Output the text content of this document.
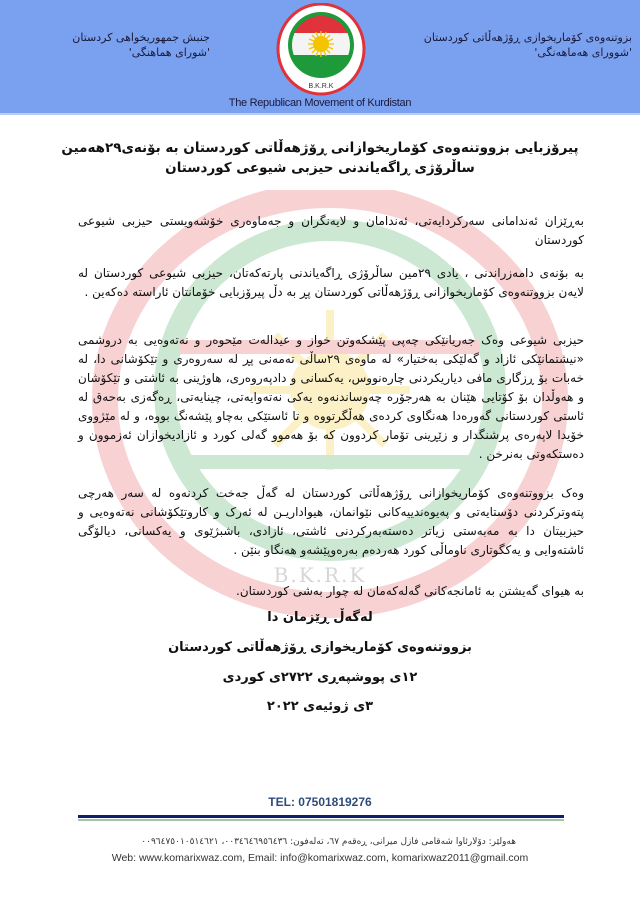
بزوتنەوەی کۆماریخوازی ڕۆژهەڵاتی کوردستان
'شوورای هەماهەنگی'
جنبش جمهوریخواهی کردستان
'شورای هماهنگی'
B.K.R.K
The Republican Movement of Kurdistan
B.K.R.K
پیرۆزبایی بزووتنەوەی کۆماریخوازانی ڕۆژهەڵاتی کوردستان بە بۆنەی٢٩هەمین ساڵرۆژی ڕاگەیاندنی حیزبی شیوعی کوردستان
بەڕێزان ئەندامانی سەرکردایەتی، ئەندامان و لایەنگران و جەماوەری خۆشەویستی حیزبی شیوعی کوردستان
بە بۆنەی دامەزراندنی ، یادی ٢٩مین ساڵرۆژی ڕاگەیاندنی پارتەکەتان، حیزبی شیوعی کوردستان لە لایەن بزووتنەوەی کۆماریخوازانی ڕۆژهەڵاتی کوردستان پڕ بە دڵ پیرۆزبایی خۆمانتان ئاراستە دەکەین .
حیزبی شیوعی وەک جەریانێکی چەپی پێشکەوتن خواز و عیدالەت مێحوەر و نەتەوەیی بە دروشمی «نیشتمانێکی ئازاد و گەلێکی بەختیار» لە ماوەی ٢٩ساڵی تەمەنی پڕ لە سەروەری و تێکۆشانی دا، لە خەبات بۆ ڕزگاری مافی دیاریکردنی چارەنووس، یەکسانی و دادپەروەری، هاوژینی بە ئاشتی و تێکۆشان و هەوڵدان بۆ کۆتایی هێنان بە هەرجۆرە چەوساندنەوە یەکی نەتەوایەتی، چینایەتی، ڕەگەزی بەحەق لە ئاستی کوردستانی گەورەدا هەنگاوی کردەی هەڵگرتووە و تا ئاستێکی بەچاو پێشەنگ بووە، و لە مێژووی خۆیدا لاپەرەی پرشنگدار و زێڕینی تۆمار کردوون کە بۆ هەموو گەلی کورد و ئازادیخوازان ئەزموون و دەستکەوتی بەنرخن .
وەک بزووتنەوەی کۆماریخوازانی ڕۆژهەڵاتی کوردستان لە گەڵ جەخت کردنەوە لە سەر هەرچی پتەوترکردنی دۆستایەتی و پەیوەندییەکانی نێوانمان، هیواداریـن لە ئەرک و کاروتێکۆشانی نەتەوەیی و حیزبیتان دا بە مەبەستی زیاتر دەستەبەرکردنی ئاشتی، ئازادی، باشبژێوی و یەکسانی، دیالۆگی ئاشتەوایی و یەکگوتاری ناوماڵی کورد هەردەم بەرەوپێشەو هەنگاو بنێن .
بە هیوای گەیشتن بە ئامانجەکانی گەلەکەمان لە چوار بەشی کوردستان.
لەگەڵ ڕێزمان دا
بزووتنەوەی کۆماریخوازی ڕۆژهەڵاتی کوردستان
١٢ی پووشپەڕی ٢٧٢٢ی کوردی
٣ی ژوئیەی ٢٠٢٢
TEL: 07501819276
هەولێر: دۆلارئاوا شەقامی فازل میرانی، ڕەقەم ٦٧، تەلەفون: ٠٠٣٤٦٤٦٩٥٦٤٣٦، ٠٠٩٦٤٧٥٠١٠٥١٤٦٢١
Web: www.komarixwaz.com, Email: info@komarixwaz.com, komarixwaz2011@gmail.com
